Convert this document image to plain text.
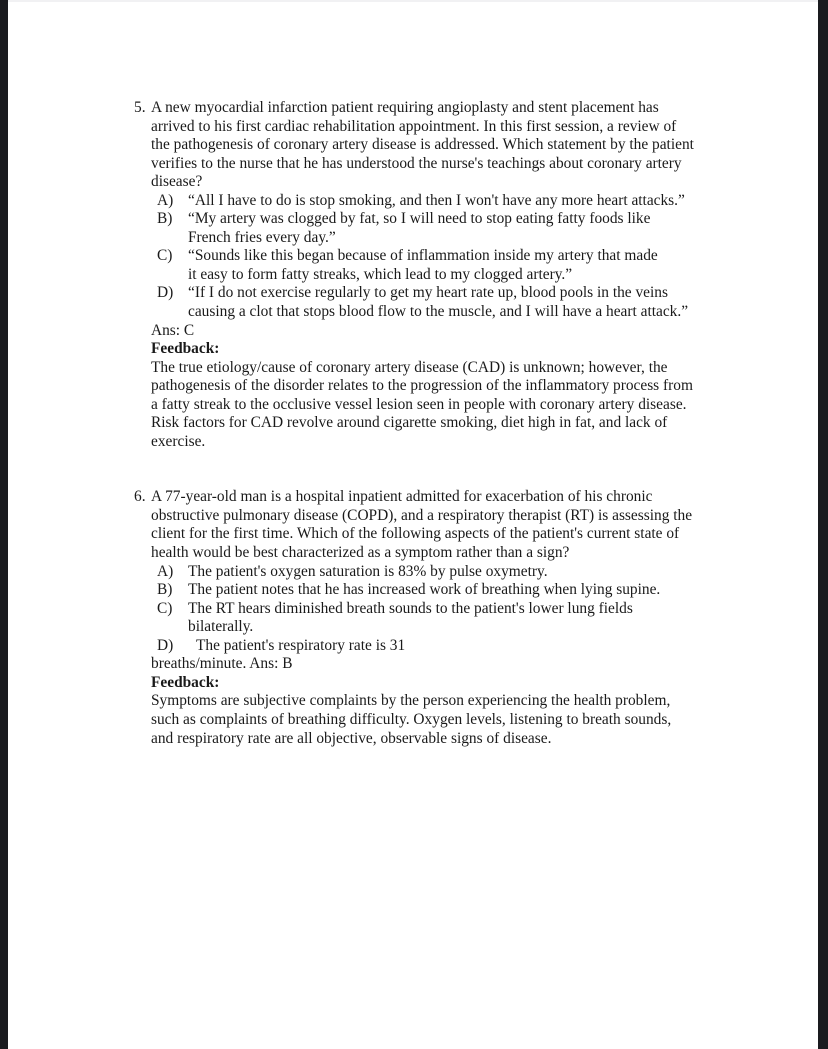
5. A new myocardial infarction patient requiring angioplasty and stent placement has
arrived to his first cardiac rehabilitation appointment. In this first session, a review of
the pathogenesis of coronary artery disease is addressed. Which statement by the patient
verifies to the nurse that he has understood the nurse's teachings about coronary artery
disease?
A) “All I have to do is stop smoking, and then I won't have any more heart attacks.”
B)	“My artery was clogged by fat, so I will need to stop eating fatty foods like
French fries every day.”
C)	“Sounds like this began because of inflammation inside my artery that made
it easy to form fatty streaks, which lead to my clogged artery.”
D) “If I do not exercise regularly to get my heart rate up, blood pools in the veins
causing a clot that stops blood flow to the muscle, and I will have a heart attack.”
Ans: C
Feedback:
The true etiology/cause of coronary artery disease (CAD) is unknown; however, the
pathogenesis of the disorder relates to the progression of the inflammatory process from
a fatty streak to the occlusive vessel lesion seen in people with coronary artery disease.
Risk factors for CAD revolve around cigarette smoking, diet high in fat, and lack of
exercise.
6. A 77-year-old man is a hospital inpatient admitted for exacerbation of his chronic
obstructive pulmonary disease (COPD), and a respiratory therapist (RT) is assessing the
client for the first time. Which of the following aspects of the patient's current state of
health would be best characterized as a symptom rather than a sign?
A) The patient's oxygen saturation is 83% by pulse oxymetry.
B)	The patient notes that he has increased work of breathing when lying supine.
C)	The RT hears diminished breath sounds to the patient's lower lung fields
bilaterally.
D)	The patient's respiratory rate is 31
breaths/minute. Ans: B
Feedback:
Symptoms are subjective complaints by the person experiencing the health problem,
such as complaints of breathing difficulty. Oxygen levels, listening to breath sounds,
and respiratory rate are all objective, observable signs of disease.
